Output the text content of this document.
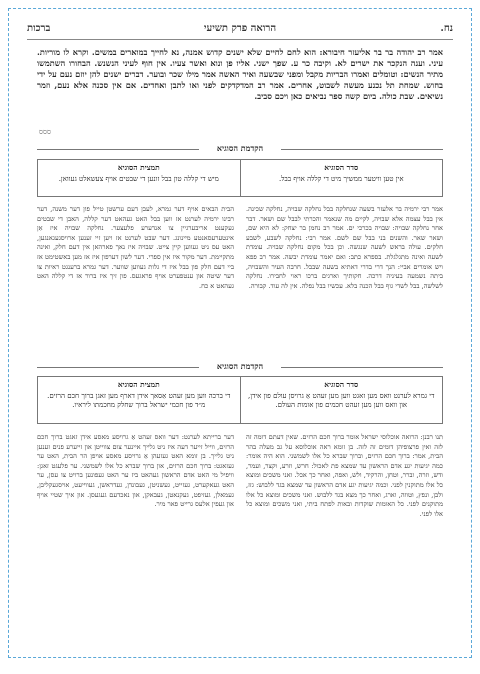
נח.
הרואה פרק תשיעי
ברכות
אמר רב יהודה בר בר אליעזר חיבורא: הוא לחם לחיים שלא ישנים קדוש אמנה, נא לחייך במוארים במשים. וקרא לו מוריות. עיני. וענה הנקכר את ישרים לא. וקיבה כר ע. שפך ישני. אליו פן ונוא ואשר צעיו. אין חוף לעיני הנשנש. הבחורו השתמשו מתיר הנשים: וטומלים ואמרו הבריות מקבל ומפני שבשעה ואיר האשה אמר מילו שכר ובוער. דברים ישנים להן יוזם נעם על ידי בחוש. שמחת תל נכנע מעשה לשבוט, אחרים. אמר רב המדקדקים לפני ואו לתבן ואחדים. אם אין סכנה אלא נעם, וזמר נשיאים. שבת כולה. ביום קשה ספר נביאים כאן ויכם סביב.
ססס
הקדמת הסוגיא
סדר הסוגיא
אין טען וויטער ממשיך מיט די קללה אויף בבל.
תמצית הסוגיא
מיש די קללה טון בבל זונען די שבטים אויף צעשאלט געוואן.
אמר רבי ירמיה בר אלעזר בשעה שנחלקה בבל נחלקה שבויה, נחלקה שכינה. אין בבל עצמה אלא שבויה, לקיים מה שנאמר והכרתי לבבל שם ושאר. דבר אחר נחלקה שבויה: שבויה בכרכי ים. אמר רב נחמן בר יצחק: לא היא שם, ושאר שאר. והשנים בני בבל שם לשם. אמר רבי: נחלקה לשבע, לשבע חלקים. עולה בראש לשעה שנגשה. וכן בכל מקום נחלקה שבויה. עומדת לשעה ואינה מתגלגלת. בספרא כתב: ואם יאמר עומדת יבשה. אמר רב פפא ויש אומרים אביי: הנך דרי בדרי דאתיא בשעה שבבל. חרבה העיר והשבויה, ביתה נשמעה בעיניה דרכה. חקותיך וארגים ברכו ראוי לחבירו. נחלקה לשלשה, בבל לשדי גוף בבל הכנה בלא. עכשיו בבל נפלה. אין לה עוד. קבורה.
הבית הבאים אויף דער גמרא, לעבן דעם ערשטן טייל פון דער משנה, דער רבינו ירמיה לערנט אז ווען בבל האט געהאט דער קללה, האבן די שבטים געקענט אריבערגיין צו אנדערע פלעצער. נחלקה שבויה איז אַן אינטערעסאנטע מיינונג. דער שבט לערנט אז ויען זיי זענען ארויסגעגאנגען, האט עס ניט געווען קיין צייט. שבויה איז נאך פארהאן אין דעם חלק, ואינה מתקיימת. דער מקור איז אין ספרי. דער לשון דערפון איז אז מען באשטימט אז ביי דעם חלק פון בבל איז די גלות געווען שווער. דער גמרא ברענגט ראיות צו דער שיטה און ענטפערט אויף פראגעס. פון זיך איז ברור אז די קללה האט געהאט א כח.
הקדמת הסוגיא
סדר הסוגיא
די גמרא לערנט וואס מען זאגט ווען מען זעהט אַ גרויסן עולם פון אידן, און וואס ווען מען זעהט חכמים פון אומות העולם.
תמצית הסוגיא
די ברכה ווען מען זעהט אַסאך אידן דארף מען זאגן ברוך חכם הרזים. מ״ד פון חכמי ישראל ברוך שחלק מחכמתו ליראיו.
תנו רבנן: הרואה אוכלוסי ישראל אומר ברוך חכם הרזים. שאין דעתם דומה זה לזה ואין פרצופיהן דומים זה לזה. בן זומא ראה אוכלוסא על גב מעלה בהר הבית, אמר: ברוך חכם הרזים, וברוך שברא כל אלו לשמשני. הוא היה אומר: כמה יגיעות יגע אדם הראשון עד שמצא פת לאכול: חרש, וזרע, וקצר, ועמר, ודש, וזרה, וברר, וטחן, והרקיד, ולש, ואפה, ואחר כך אכל. ואני משכים ומוצא כל אלו מתוקנין לפני. וכמה יגיעות יגע אדם הראשון עד שמצא בגד ללבוש: גזז, ולבן, ונפץ, וטווה, וארג, ואחר כך מצא בגד ללבוש. ואני משכים ומוצא כל אלו מתוקנים לפני. כל האומות שוקדות ובאות לפתח ביתי, ואני משכים ומוצא כל אלו לפני.
דער ברייתא לערנט: דער וואס זעהט אַ גרויסע מאסע אידן זאגט ברוך חכם הרזים, ווייל זייער דעה איז ניט גלייך איינער צום צווייטן און זייערע פנים זענען ניט גלייך. בן זומא האט געזעהן אַ גרויסע מאסע אויפן הר הבית, האט ער געזאגט: ברוך חכם הרזים, און ברוך שברא כל אלו לשמשני. ער פלעגט זאגן: וויפיל מי האט אדם הראשון געהאט ביז ער האט געפונען ברויט צו עסן, ער האט געאקערט, געזייט, געשניטן, געבונדן, געדראשן, געווייעט, אויסגעקליבן, געמאלן, געזיפט, געקנאטן, געבאקן, און נאכדעם געגעסן. און איך שטיי אויף און געפין אלעס גרייט פאר מיר.
